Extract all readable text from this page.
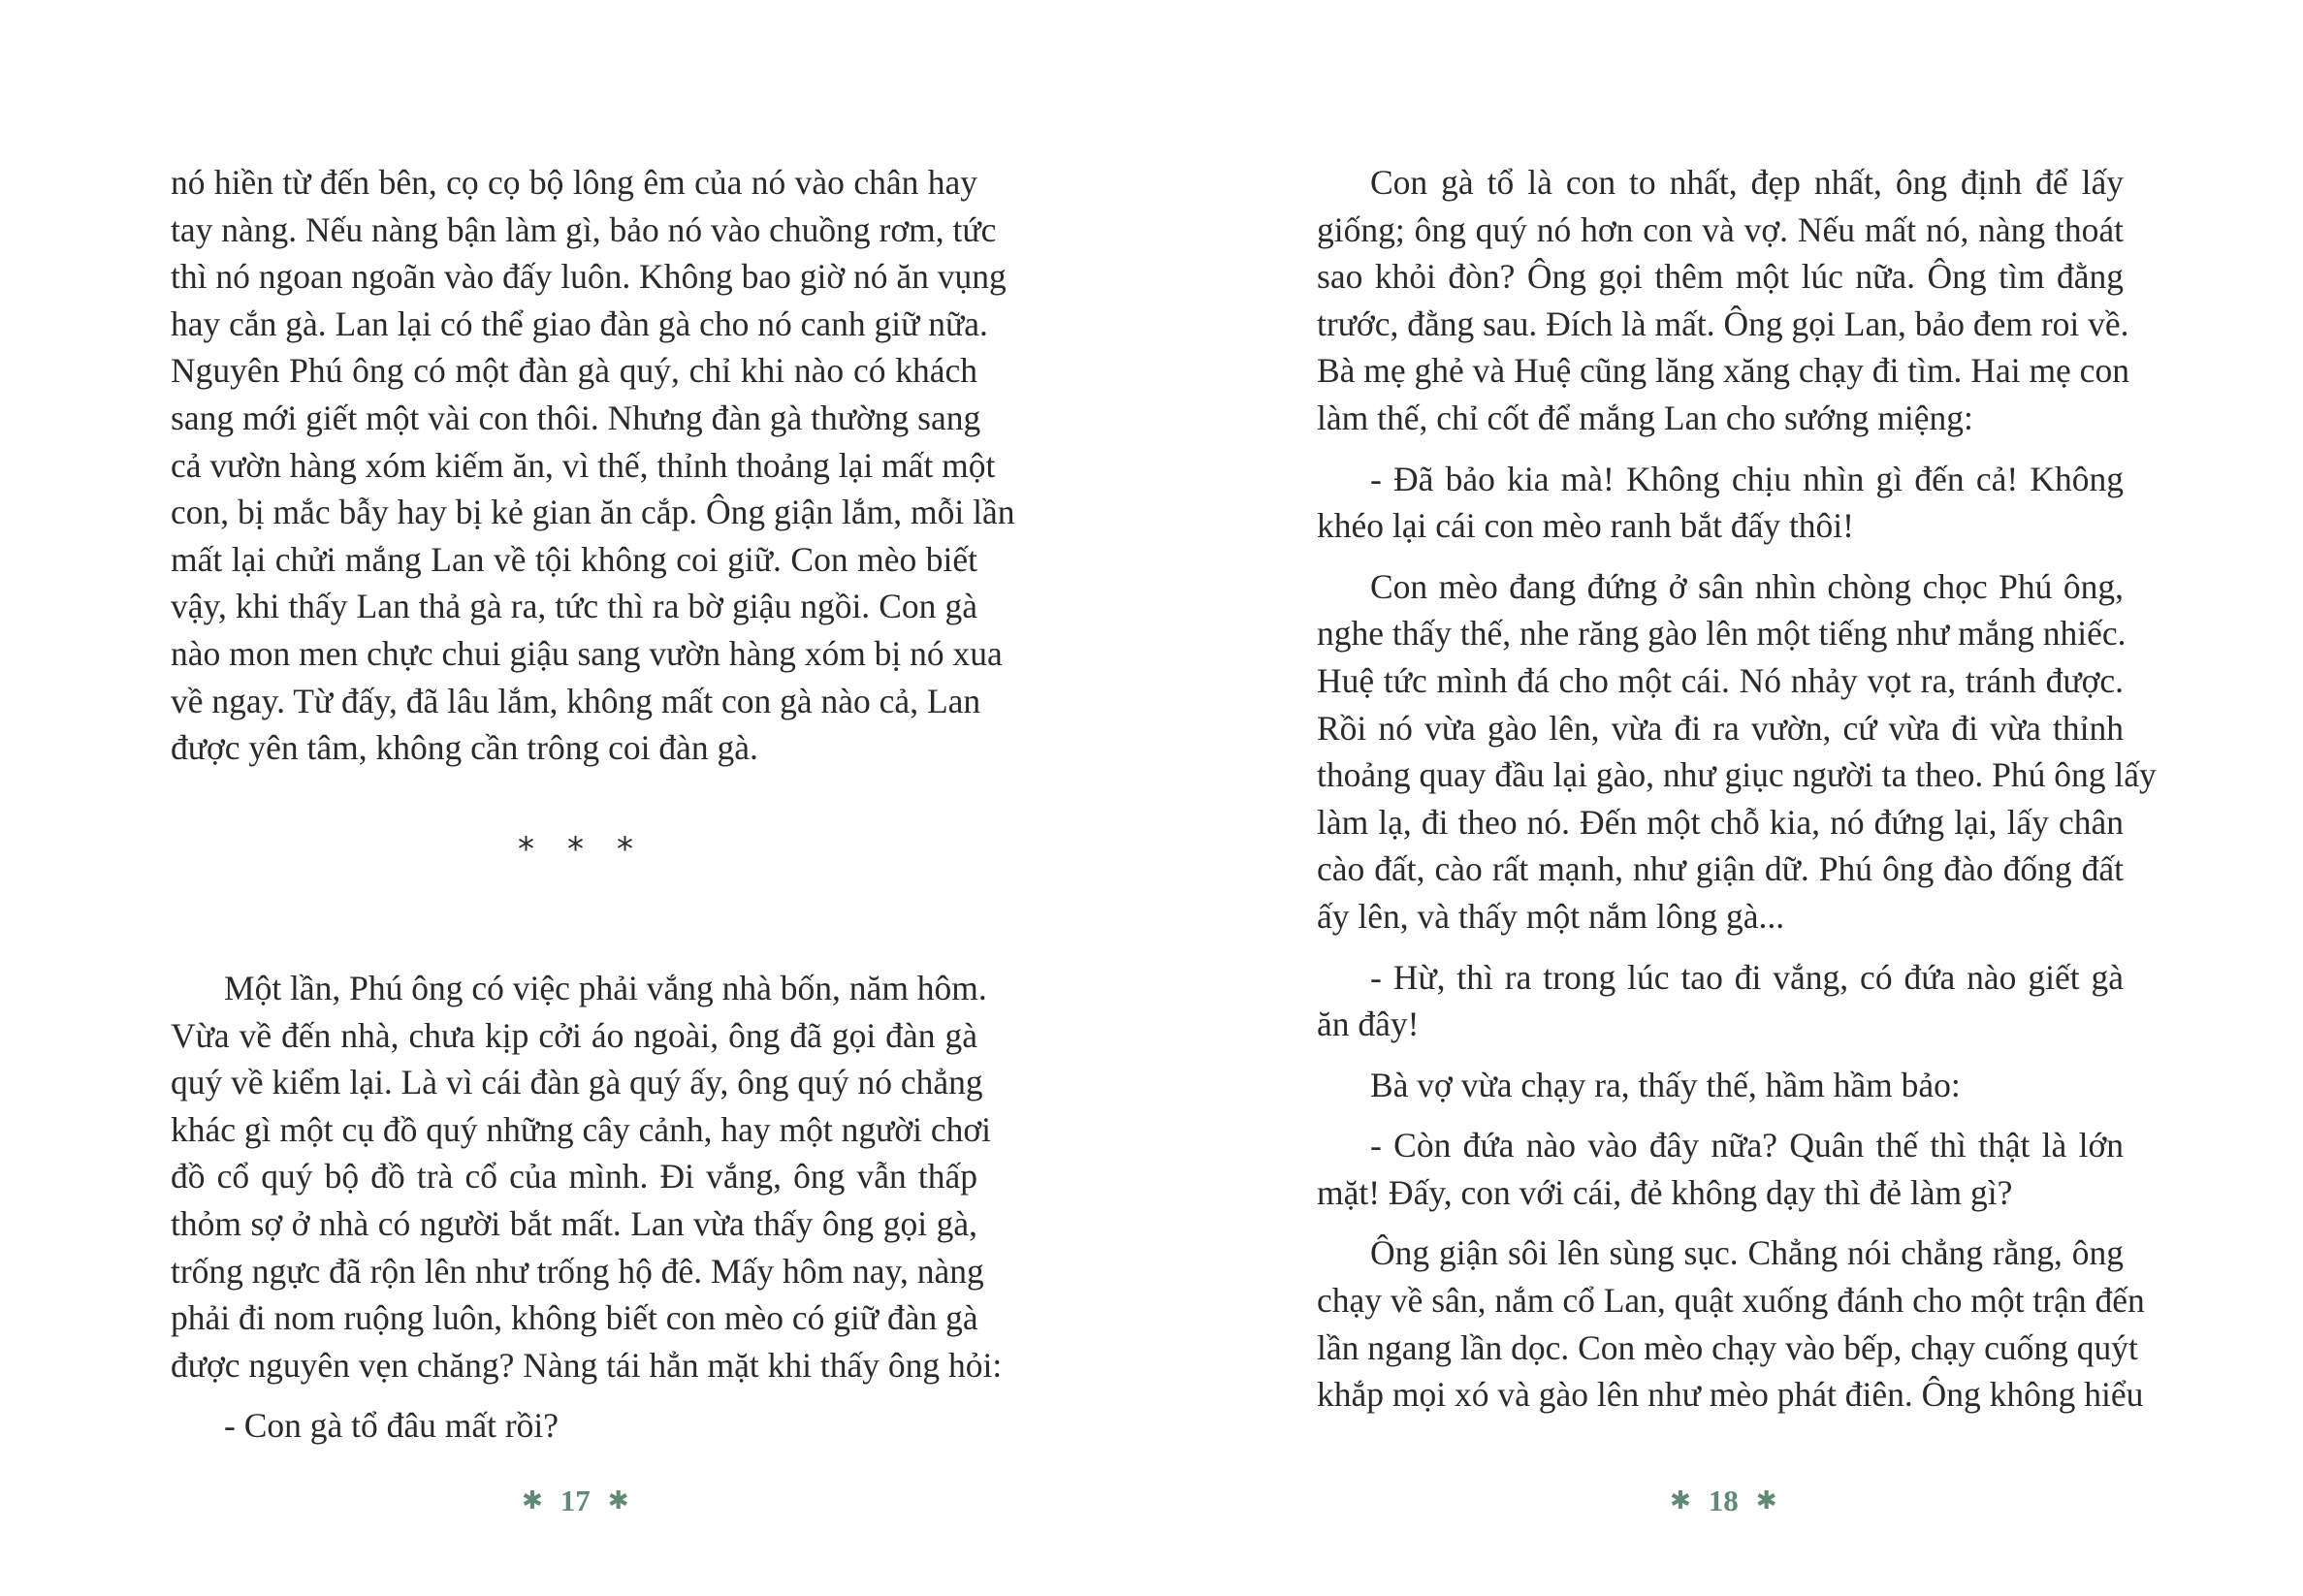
nó hiền từ đến bên, cọ cọ bộ lông êm của nó vào chân hay
tay nàng. Nếu nàng bận làm gì, bảo nó vào chuồng rơm, tức
thì nó ngoan ngoãn vào đấy luôn. Không bao giờ nó ăn vụng
hay cắn gà. Lan lại có thể giao đàn gà cho nó canh giữ nữa.
Nguyên Phú ông có một đàn gà quý, chỉ khi nào có khách
sang mới giết một vài con thôi. Nhưng đàn gà thường sang
cả vườn hàng xóm kiếm ăn, vì thế, thỉnh thoảng lại mất một
con, bị mắc bẫy hay bị kẻ gian ăn cắp. Ông giận lắm, mỗi lần
mất lại chửi mắng Lan về tội không coi giữ. Con mèo biết
vậy, khi thấy Lan thả gà ra, tức thì ra bờ giậu ngồi. Con gà
nào mon men chực chui giậu sang vườn hàng xóm bị nó xua
về ngay. Từ đấy, đã lâu lắm, không mất con gà nào cả, Lan
được yên tâm, không cần trông coi đàn gà.
***
Một lần, Phú ông có việc phải vắng nhà bốn, năm hôm.
Vừa về đến nhà, chưa kịp cởi áo ngoài, ông đã gọi đàn gà
quý về kiểm lại. Là vì cái đàn gà quý ấy, ông quý nó chẳng
khác gì một cụ đồ quý những cây cảnh, hay một người chơi
đồ cổ quý bộ đồ trà cổ của mình. Đi vắng, ông vẫn thấp
thỏm sợ ở nhà có người bắt mất. Lan vừa thấy ông gọi gà,
trống ngực đã rộn lên như trống hộ đê. Mấy hôm nay, nàng
phải đi nom ruộng luôn, không biết con mèo có giữ đàn gà
được nguyên vẹn chăng? Nàng tái hẳn mặt khi thấy ông hỏi:
- Con gà tổ đâu mất rồi?
✱ 17 ✱
Con gà tổ là con to nhất, đẹp nhất, ông định để lấy
giống; ông quý nó hơn con và vợ. Nếu mất nó, nàng thoát
sao khỏi đòn? Ông gọi thêm một lúc nữa. Ông tìm đằng
trước, đằng sau. Đích là mất. Ông gọi Lan, bảo đem roi về.
Bà mẹ ghẻ và Huệ cũng lăng xăng chạy đi tìm. Hai mẹ con
làm thế, chỉ cốt để mắng Lan cho sướng miệng:
- Đã bảo kia mà! Không chịu nhìn gì đến cả! Không
khéo lại cái con mèo ranh bắt đấy thôi!
Con mèo đang đứng ở sân nhìn chòng chọc Phú ông,
nghe thấy thế, nhe răng gào lên một tiếng như mắng nhiếc.
Huệ tức mình đá cho một cái. Nó nhảy vọt ra, tránh được.
Rồi nó vừa gào lên, vừa đi ra vườn, cứ vừa đi vừa thỉnh
thoảng quay đầu lại gào, như giục người ta theo. Phú ông lấy
làm lạ, đi theo nó. Đến một chỗ kia, nó đứng lại, lấy chân
cào đất, cào rất mạnh, như giận dữ. Phú ông đào đống đất
ấy lên, và thấy một nắm lông gà...
- Hừ, thì ra trong lúc tao đi vắng, có đứa nào giết gà
ăn đây!
Bà vợ vừa chạy ra, thấy thế, hầm hầm bảo:
- Còn đứa nào vào đây nữa? Quân thế thì thật là lớn
mặt! Đấy, con với cái, đẻ không dạy thì đẻ làm gì?
Ông giận sôi lên sùng sục. Chẳng nói chẳng rằng, ông
chạy về sân, nắm cổ Lan, quật xuống đánh cho một trận đến
lần ngang lần dọc. Con mèo chạy vào bếp, chạy cuống quýt
khắp mọi xó và gào lên như mèo phát điên. Ông không hiểu
✱ 18 ✱
